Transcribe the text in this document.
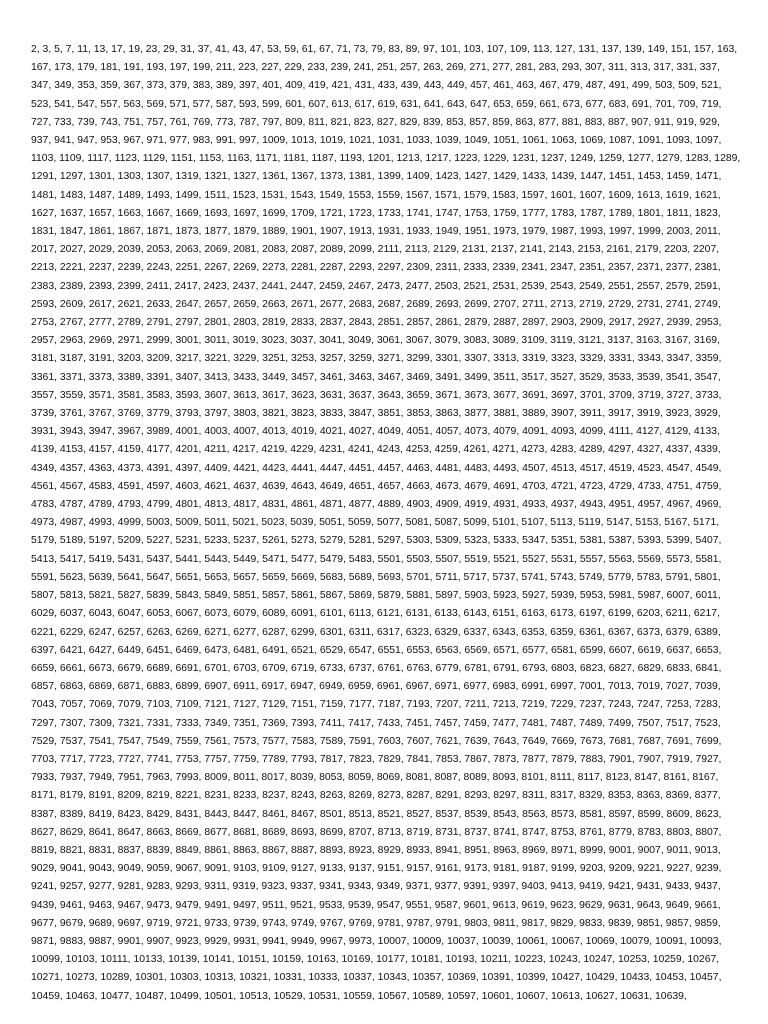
2, 3, 5, 7, 11, 13, 17, 19, 23, 29, 31, 37, 41, 43, 47, 53, 59, 61, 67, 71, 73, 79, 83, 89, 97, 101, 103, 107, 109, 113, 127, 131, 137, 139, 149, 151, 157, 163, 167, 173, 179, 181, 191, 193, 197, 199, 211, 223, 227, 229, 233, 239, 241, 251, 257, 263, 269, 271, 277, 281, 283, 293, 307, 311, 313, 317, 331, 337, 347, 349, 353, 359, 367, 373, 379, 383, 389, 397, 401, 409, 419, 421, 431, 433, 439, 443, 449, 457, 461, 463, 467, 479, 487, 491, 499, 503, 509, 521, 523, 541, 547, 557, 563, 569, 571, 577, 587, 593, 599, 601, 607, 613, 617, 619, 631, 641, 643, 647, 653, 659, 661, 673, 677, 683, 691, 701, 709, 719, 727, 733, 739, 743, 751, 757, 761, 769, 773, 787, 797, 809, 811, 821, 823, 827, 829, 839, 853, 857, 859, 863, 877, 881, 883, 887, 907, 911, 919, 929, 937, 941, 947, 953, 967, 971, 977, 983, 991, 997, 1009, 1013, 1019, 1021, 1031, 1033, 1039, 1049, 1051, 1061, 1063, 1069, 1087, 1091, 1093, 1097, 1103, 1109, 1117, 1123, 1129, 1151, 1153, 1163, 1171, 1181, 1187, 1193, 1201, 1213, 1217, 1223, 1229, 1231, 1237, 1249, 1259, 1277, 1279, 1283, 1289, 1291, 1297, 1301, 1303, 1307, 1319, 1321, 1327, 1361, 1367, 1373, 1381, 1399, 1409, 1423, 1427, 1429, 1433, 1439, 1447, 1451, 1453, 1459, 1471, 1481, 1483, 1487, 1489, 1493, 1499, 1511, 1523, 1531, 1543, 1549, 1553, 1559, 1567, 1571, 1579, 1583, 1597, 1601, 1607, 1609, 1613, 1619, 1621, 1627, 1637, 1657, 1663, 1667, 1669, 1693, 1697, 1699, 1709, 1721, 1723, 1733, 1741, 1747, 1753, 1759, 1777, 1783, 1787, 1789, 1801, 1811, 1823, 1831, 1847, 1861, 1867, 1871, 1873, 1877, 1879, 1889, 1901, 1907, 1913, 1931, 1933, 1949, 1951, 1973, 1979, 1987, 1993, 1997, 1999, 2003, 2011, 2017, 2027, 2029, 2039, 2053, 2063, 2069, 2081, 2083, 2087, 2089, 2099, 2111, 2113, 2129, 2131, 2137, 2141, 2143, 2153, 2161, 2179, 2203, 2207, 2213, 2221, 2237, 2239, 2243, 2251, 2267, 2269, 2273, 2281, 2287, 2293, 2297, 2309, 2311, 2333, 2339, 2341, 2347, 2351, 2357, 2371, 2377, 2381, 2383, 2389, 2393, 2399, 2411, 2417, 2423, 2437, 2441, 2447, 2459, 2467, 2473, 2477, 2503, 2521, 2531, 2539, 2543, 2549, 2551, 2557, 2579, 2591, 2593, 2609, 2617, 2621, 2633, 2647, 2657, 2659, 2663, 2671, 2677, 2683, 2687, 2689, 2693, 2699, 2707, 2711, 2713, 2719, 2729, 2731, 2741, 2749, 2753, 2767, 2777, 2789, 2791, 2797, 2801, 2803, 2819, 2833, 2837, 2843, 2851, 2857, 2861, 2879, 2887, 2897, 2903, 2909, 2917, 2927, 2939, 2953, 2957, 2963, 2969, 2971, 2999, 3001, 3011, 3019, 3023, 3037, 3041, 3049, 3061, 3067, 3079, 3083, 3089, 3109, 3119, 3121, 3137, 3163, 3167, 3169, 3181, 3187, 3191, 3203, 3209, 3217, 3221, 3229, 3251, 3253, 3257, 3259, 3271, 3299, 3301, 3307, 3313, 3319, 3323, 3329, 3331, 3343, 3347, 3359, 3361, 3371, 3373, 3389, 3391, 3407, 3413, 3433, 3449, 3457, 3461, 3463, 3467, 3469, 3491, 3499, 3511, 3517, 3527, 3529, 3533, 3539, 3541, 3547, 3557, 3559, 3571, 3581, 3583, 3593, 3607, 3613, 3617, 3623, 3631, 3637, 3643, 3659, 3671, 3673, 3677, 3691, 3697, 3701, 3709, 3719, 3727, 3733, 3739, 3761, 3767, 3769, 3779, 3793, 3797, 3803, 3821, 3823, 3833, 3847, 3851, 3853, 3863, 3877, 3881, 3889, 3907, 3911, 3917, 3919, 3923, 3929, 3931, 3943, 3947, 3967, 3989, 4001, 4003, 4007, 4013, 4019, 4021, 4027, 4049, 4051, 4057, 4073, 4079, 4091, 4093, 4099, 4111, 4127, 4129, 4133, 4139, 4153, 4157, 4159, 4177, 4201, 4211, 4217, 4219, 4229, 4231, 4241, 4243, 4253, 4259, 4261, 4271, 4273, 4283, 4289, 4297, 4327, 4337, 4339, 4349, 4357, 4363, 4373, 4391, 4397, 4409, 4421, 4423, 4441, 4447, 4451, 4457, 4463, 4481, 4483, 4493, 4507, 4513, 4517, 4519, 4523, 4547, 4549, 4561, 4567, 4583, 4591, 4597, 4603, 4621, 4637, 4639, 4643, 4649, 4651, 4657, 4663, 4673, 4679, 4691, 4703, 4721, 4723, 4729, 4733, 4751, 4759, 4783, 4787, 4789, 4793, 4799, 4801, 4813, 4817, 4831, 4861, 4871, 4877, 4889, 4903, 4909, 4919, 4931, 4933, 4937, 4943, 4951, 4957, 4967, 4969, 4973, 4987, 4993, 4999, 5003, 5009, 5011, 5021, 5023, 5039, 5051, 5059, 5077, 5081, 5087, 5099, 5101, 5107, 5113, 5119, 5147, 5153, 5167, 5171, 5179, 5189, 5197, 5209, 5227, 5231, 5233, 5237, 5261, 5273, 5279, 5281, 5297, 5303, 5309, 5323, 5333, 5347, 5351, 5381, 5387, 5393, 5399, 5407, 5413, 5417, 5419, 5431, 5437, 5441, 5443, 5449, 5471, 5477, 5479, 5483, 5501, 5503, 5507, 5519, 5521, 5527, 5531, 5557, 5563, 5569, 5573, 5581, 5591, 5623, 5639, 5641, 5647, 5651, 5653, 5657, 5659, 5669, 5683, 5689, 5693, 5701, 5711, 5717, 5737, 5741, 5743, 5749, 5779, 5783, 5791, 5801, 5807, 5813, 5821, 5827, 5839, 5843, 5849, 5851, 5857, 5861, 5867, 5869, 5879, 5881, 5897, 5903, 5923, 5927, 5939, 5953, 5981, 5987, 6007, 6011, 6029, 6037, 6043, 6047, 6053, 6067, 6073, 6079, 6089, 6091, 6101, 6113, 6121, 6131, 6133, 6143, 6151, 6163, 6173, 6197, 6199, 6203, 6211, 6217, 6221, 6229, 6247, 6257, 6263, 6269, 6271, 6277, 6287, 6299, 6301, 6311, 6317, 6323, 6329, 6337, 6343, 6353, 6359, 6361, 6367, 6373, 6379, 6389, 6397, 6421, 6427, 6449, 6451, 6469, 6473, 6481, 6491, 6521, 6529, 6547, 6551, 6553, 6563, 6569, 6571, 6577, 6581, 6599, 6607, 6619, 6637, 6653, 6659, 6661, 6673, 6679, 6689, 6691, 6701, 6703, 6709, 6719, 6733, 6737, 6761, 6763, 6779, 6781, 6791, 6793, 6803, 6823, 6827, 6829, 6833, 6841, 6857, 6863, 6869, 6871, 6883, 6899, 6907, 6911, 6917, 6947, 6949, 6959, 6961, 6967, 6971, 6977, 6983, 6991, 6997, 7001, 7013, 7019, 7027, 7039, 7043, 7057, 7069, 7079, 7103, 7109, 7121, 7127, 7129, 7151, 7159, 7177, 7187, 7193, 7207, 7211, 7213, 7219, 7229, 7237, 7243, 7247, 7253, 7283, 7297, 7307, 7309, 7321, 7331, 7333, 7349, 7351, 7369, 7393, 7411, 7417, 7433, 7451, 7457, 7459, 7477, 7481, 7487, 7489, 7499, 7507, 7517, 7523, 7529, 7537, 7541, 7547, 7549, 7559, 7561, 7573, 7577, 7583, 7589, 7591, 7603, 7607, 7621, 7639, 7643, 7649, 7669, 7673, 7681, 7687, 7691, 7699, 7703, 7717, 7723, 7727, 7741, 7753, 7757, 7759, 7789, 7793, 7817, 7823, 7829, 7841, 7853, 7867, 7873, 7877, 7879, 7883, 7901, 7907, 7919, 7927, 7933, 7937, 7949, 7951, 7963, 7993, 8009, 8011, 8017, 8039, 8053, 8059, 8069, 8081, 8087, 8089, 8093, 8101, 8111, 8117, 8123, 8147, 8161, 8167, 8171, 8179, 8191, 8209, 8219, 8221, 8231, 8233, 8237, 8243, 8263, 8269, 8273, 8287, 8291, 8293, 8297, 8311, 8317, 8329, 8353, 8363, 8369, 8377, 8387, 8389, 8419, 8423, 8429, 8431, 8443, 8447, 8461, 8467, 8501, 8513, 8521, 8527, 8537, 8539, 8543, 8563, 8573, 8581, 8597, 8599, 8609, 8623, 8627, 8629, 8641, 8647, 8663, 8669, 8677, 8681, 8689, 8693, 8699, 8707, 8713, 8719, 8731, 8737, 8741, 8747, 8753, 8761, 8779, 8783, 8803, 8807, 8819, 8821, 8831, 8837, 8839, 8849, 8861, 8863, 8867, 8887, 8893, 8923, 8929, 8933, 8941, 8951, 8963, 8969, 8971, 8999, 9001, 9007, 9011, 9013, 9029, 9041, 9043, 9049, 9059, 9067, 9091, 9103, 9109, 9127, 9133, 9137, 9151, 9157, 9161, 9173, 9181, 9187, 9199, 9203, 9209, 9221, 9227, 9239, 9241, 9257, 9277, 9281, 9283, 9293, 9311, 9319, 9323, 9337, 9341, 9343, 9349, 9371, 9377, 9391, 9397, 9403, 9413, 9419, 9421, 9431, 9433, 9437, 9439, 9461, 9463, 9467, 9473, 9479, 9491, 9497, 9511, 9521, 9533, 9539, 9547, 9551, 9587, 9601, 9613, 9619, 9623, 9629, 9631, 9643, 9649, 9661, 9677, 9679, 9689, 9697, 9719, 9721, 9733, 9739, 9743, 9749, 9767, 9769, 9781, 9787, 9791, 9803, 9811, 9817, 9829, 9833, 9839, 9851, 9857, 9859, 9871, 9883, 9887, 9901, 9907, 9923, 9929, 9931, 9941, 9949, 9967, 9973, 10007, 10009, 10037, 10039, 10061, 10067, 10069, 10079, 10091, 10093, 10099, 10103, 10111, 10133, 10139, 10141, 10151, 10159, 10163, 10169, 10177, 10181, 10193, 10211, 10223, 10243, 10247, 10253, 10259, 10267, 10271, 10273, 10289, 10301, 10303, 10313, 10321, 10331, 10333, 10337, 10343, 10357, 10369, 10391, 10399, 10427, 10429, 10433, 10453, 10457, 10459, 10463, 10477, 10487, 10499, 10501, 10513, 10529, 10531, 10559, 10567, 10589, 10597, 10601, 10607, 10613, 10627, 10631, 10639,
